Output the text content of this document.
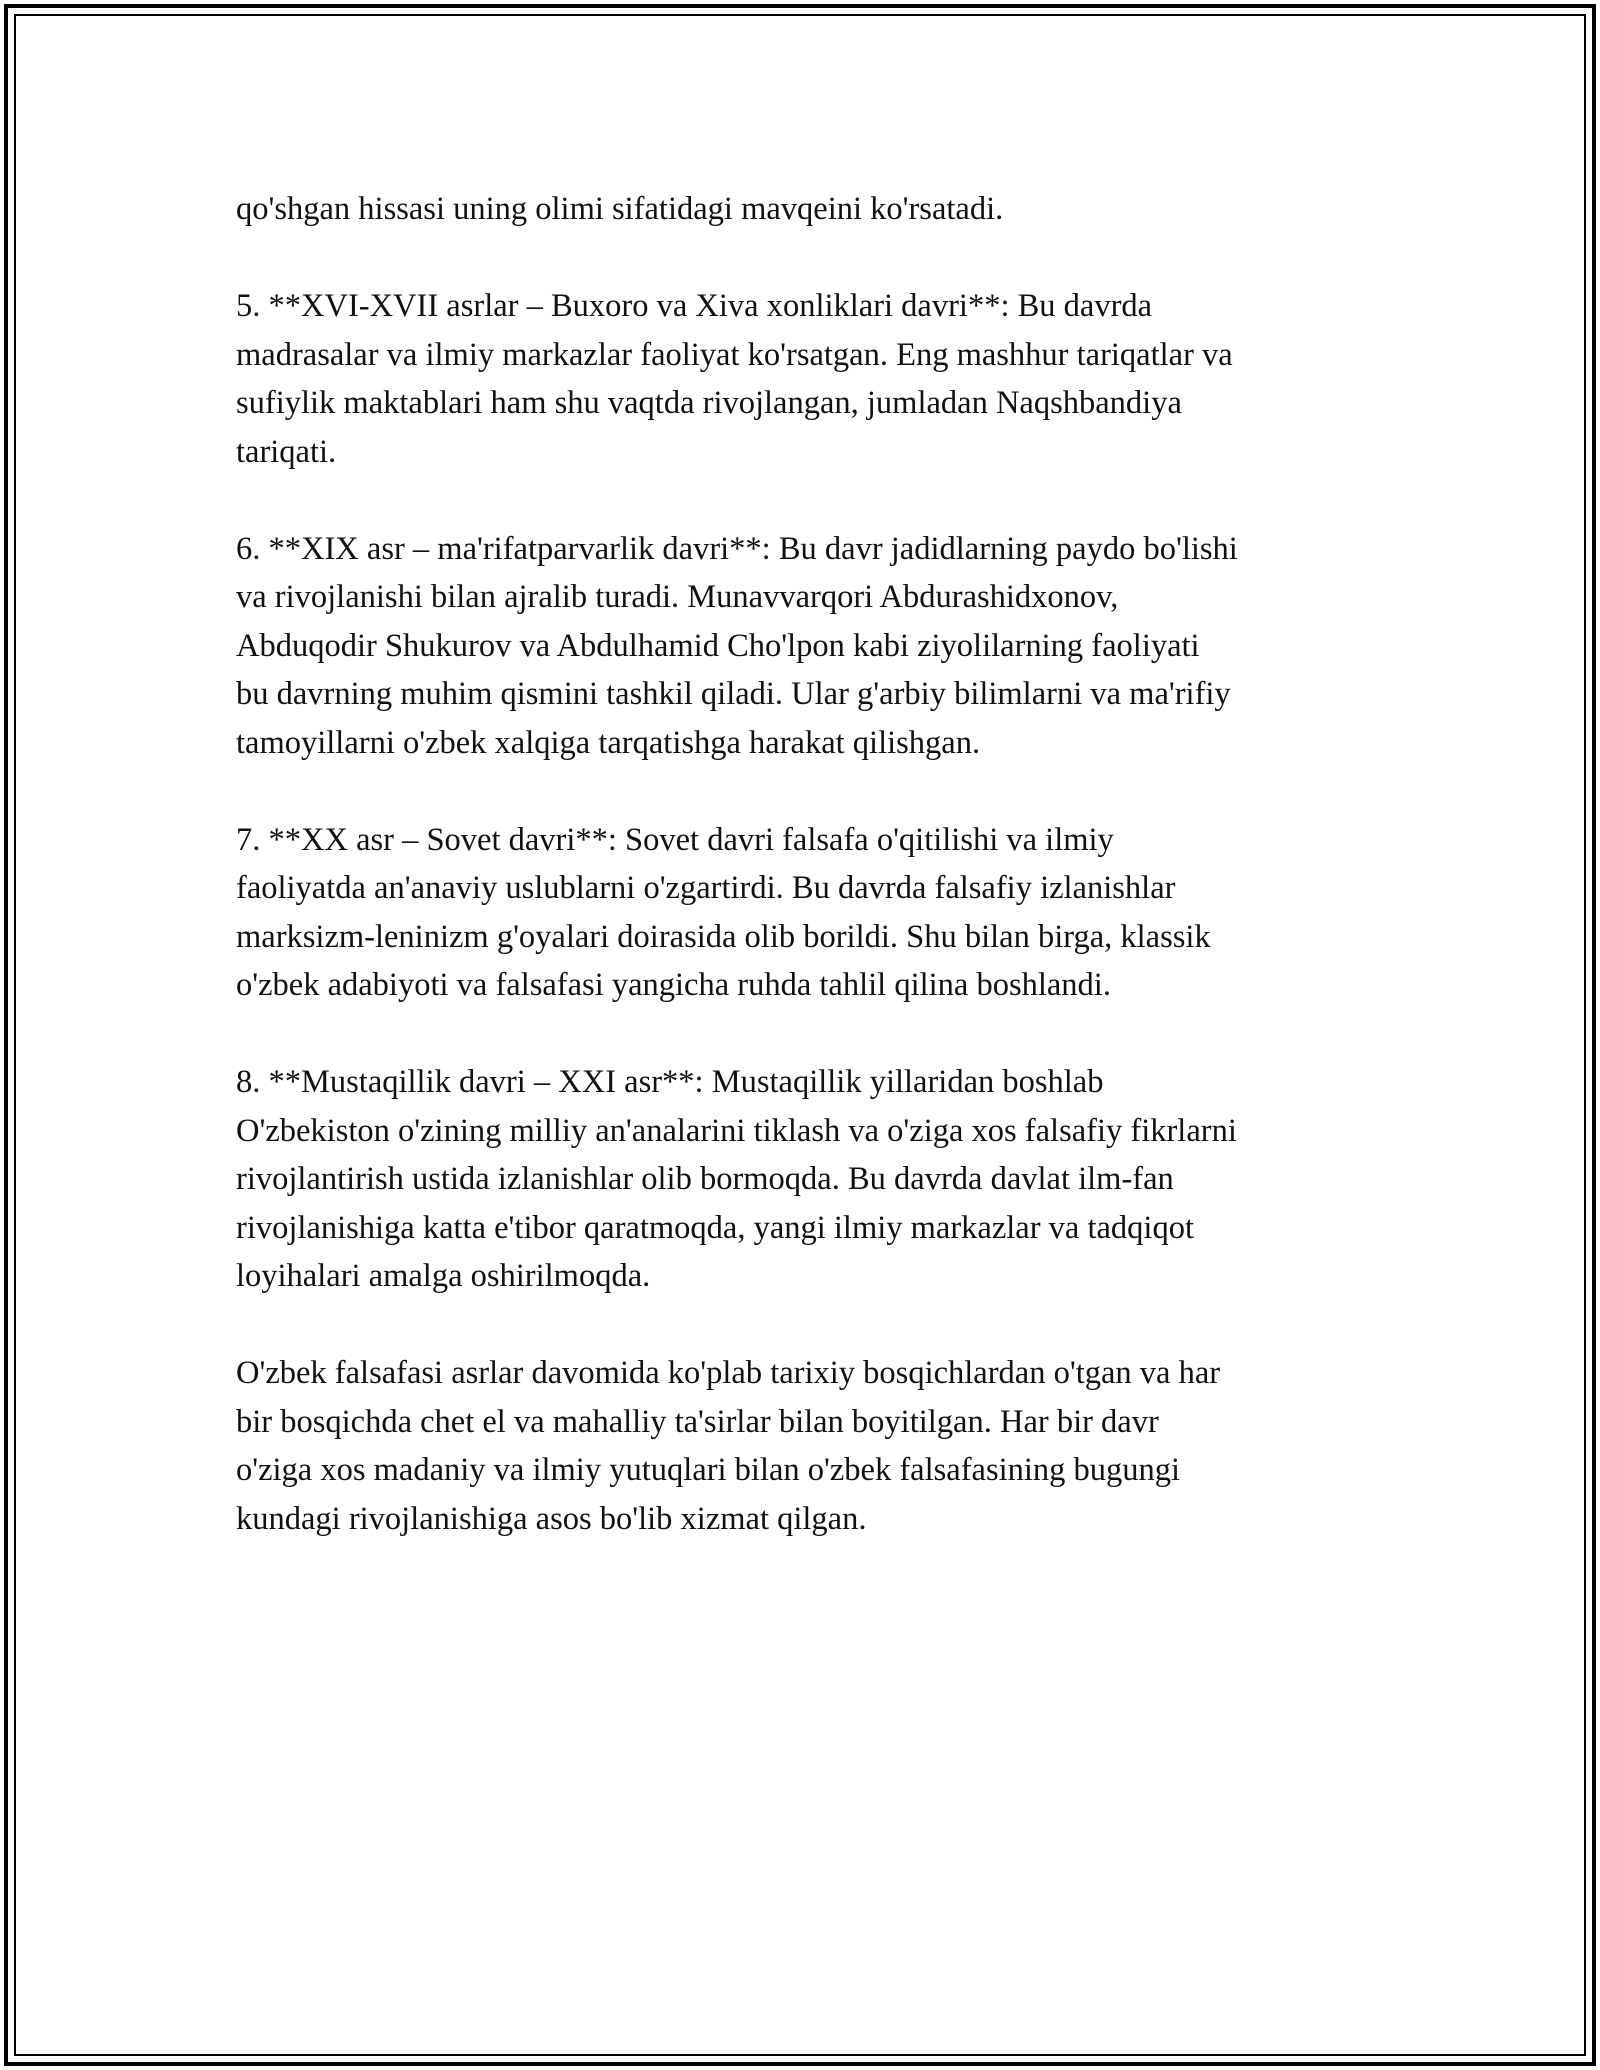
qo'shgan hissasi uning olimi sifatidagi mavqeini ko'rsatadi.

5. **XVI-XVII asrlar – Buxoro va Xiva xonliklari davri**: Bu davrda
madrasalar va ilmiy markazlar faoliyat ko'rsatgan. Eng mashhur tariqatlar va
sufiylik maktablari ham shu vaqtda rivojlangan, jumladan Naqshbandiya
tariqati.

6. **XIX asr – ma'rifatparvarlik davri**: Bu davr jadidlarning paydo bo'lishi
va rivojlanishi bilan ajralib turadi. Munavvarqori Abdurashidxonov,
Abduqodir Shukurov va Abdulhamid Cho'lpon kabi ziyolilarning faoliyati
bu davrning muhim qismini tashkil qiladi. Ular g'arbiy bilimlarni va ma'rifiy
tamoyillarni o'zbek xalqiga tarqatishga harakat qilishgan.

7. **XX asr – Sovet davri**: Sovet davri falsafa o'qitilishi va ilmiy
faoliyatda an'anaviy uslublarni o'zgartirdi. Bu davrda falsafiy izlanishlar
marksizm-leninizm g'oyalari doirasida olib borildi. Shu bilan birga, klassik
o'zbek adabiyoti va falsafasi yangicha ruhda tahlil qilina boshlandi.

8. **Mustaqillik davri – XXI asr**: Mustaqillik yillaridan boshlab
O'zbekiston o'zining milliy an'analarini tiklash va o'ziga xos falsafiy fikrlarni
rivojlantirish ustida izlanishlar olib bormoqda. Bu davrda davlat ilm-fan
rivojlanishiga katta e'tibor qaratmoqda, yangi ilmiy markazlar va tadqiqot
loyihalari amalga oshirilmoqda.

O'zbek falsafasi asrlar davomida ko'plab tarixiy bosqichlardan o'tgan va har
bir bosqichda chet el va mahalliy ta'sirlar bilan boyitilgan. Har bir davr
o'ziga xos madaniy va ilmiy yutuqlari bilan o'zbek falsafasining bugungi
kundagi rivojlanishiga asos bo'lib xizmat qilgan.
